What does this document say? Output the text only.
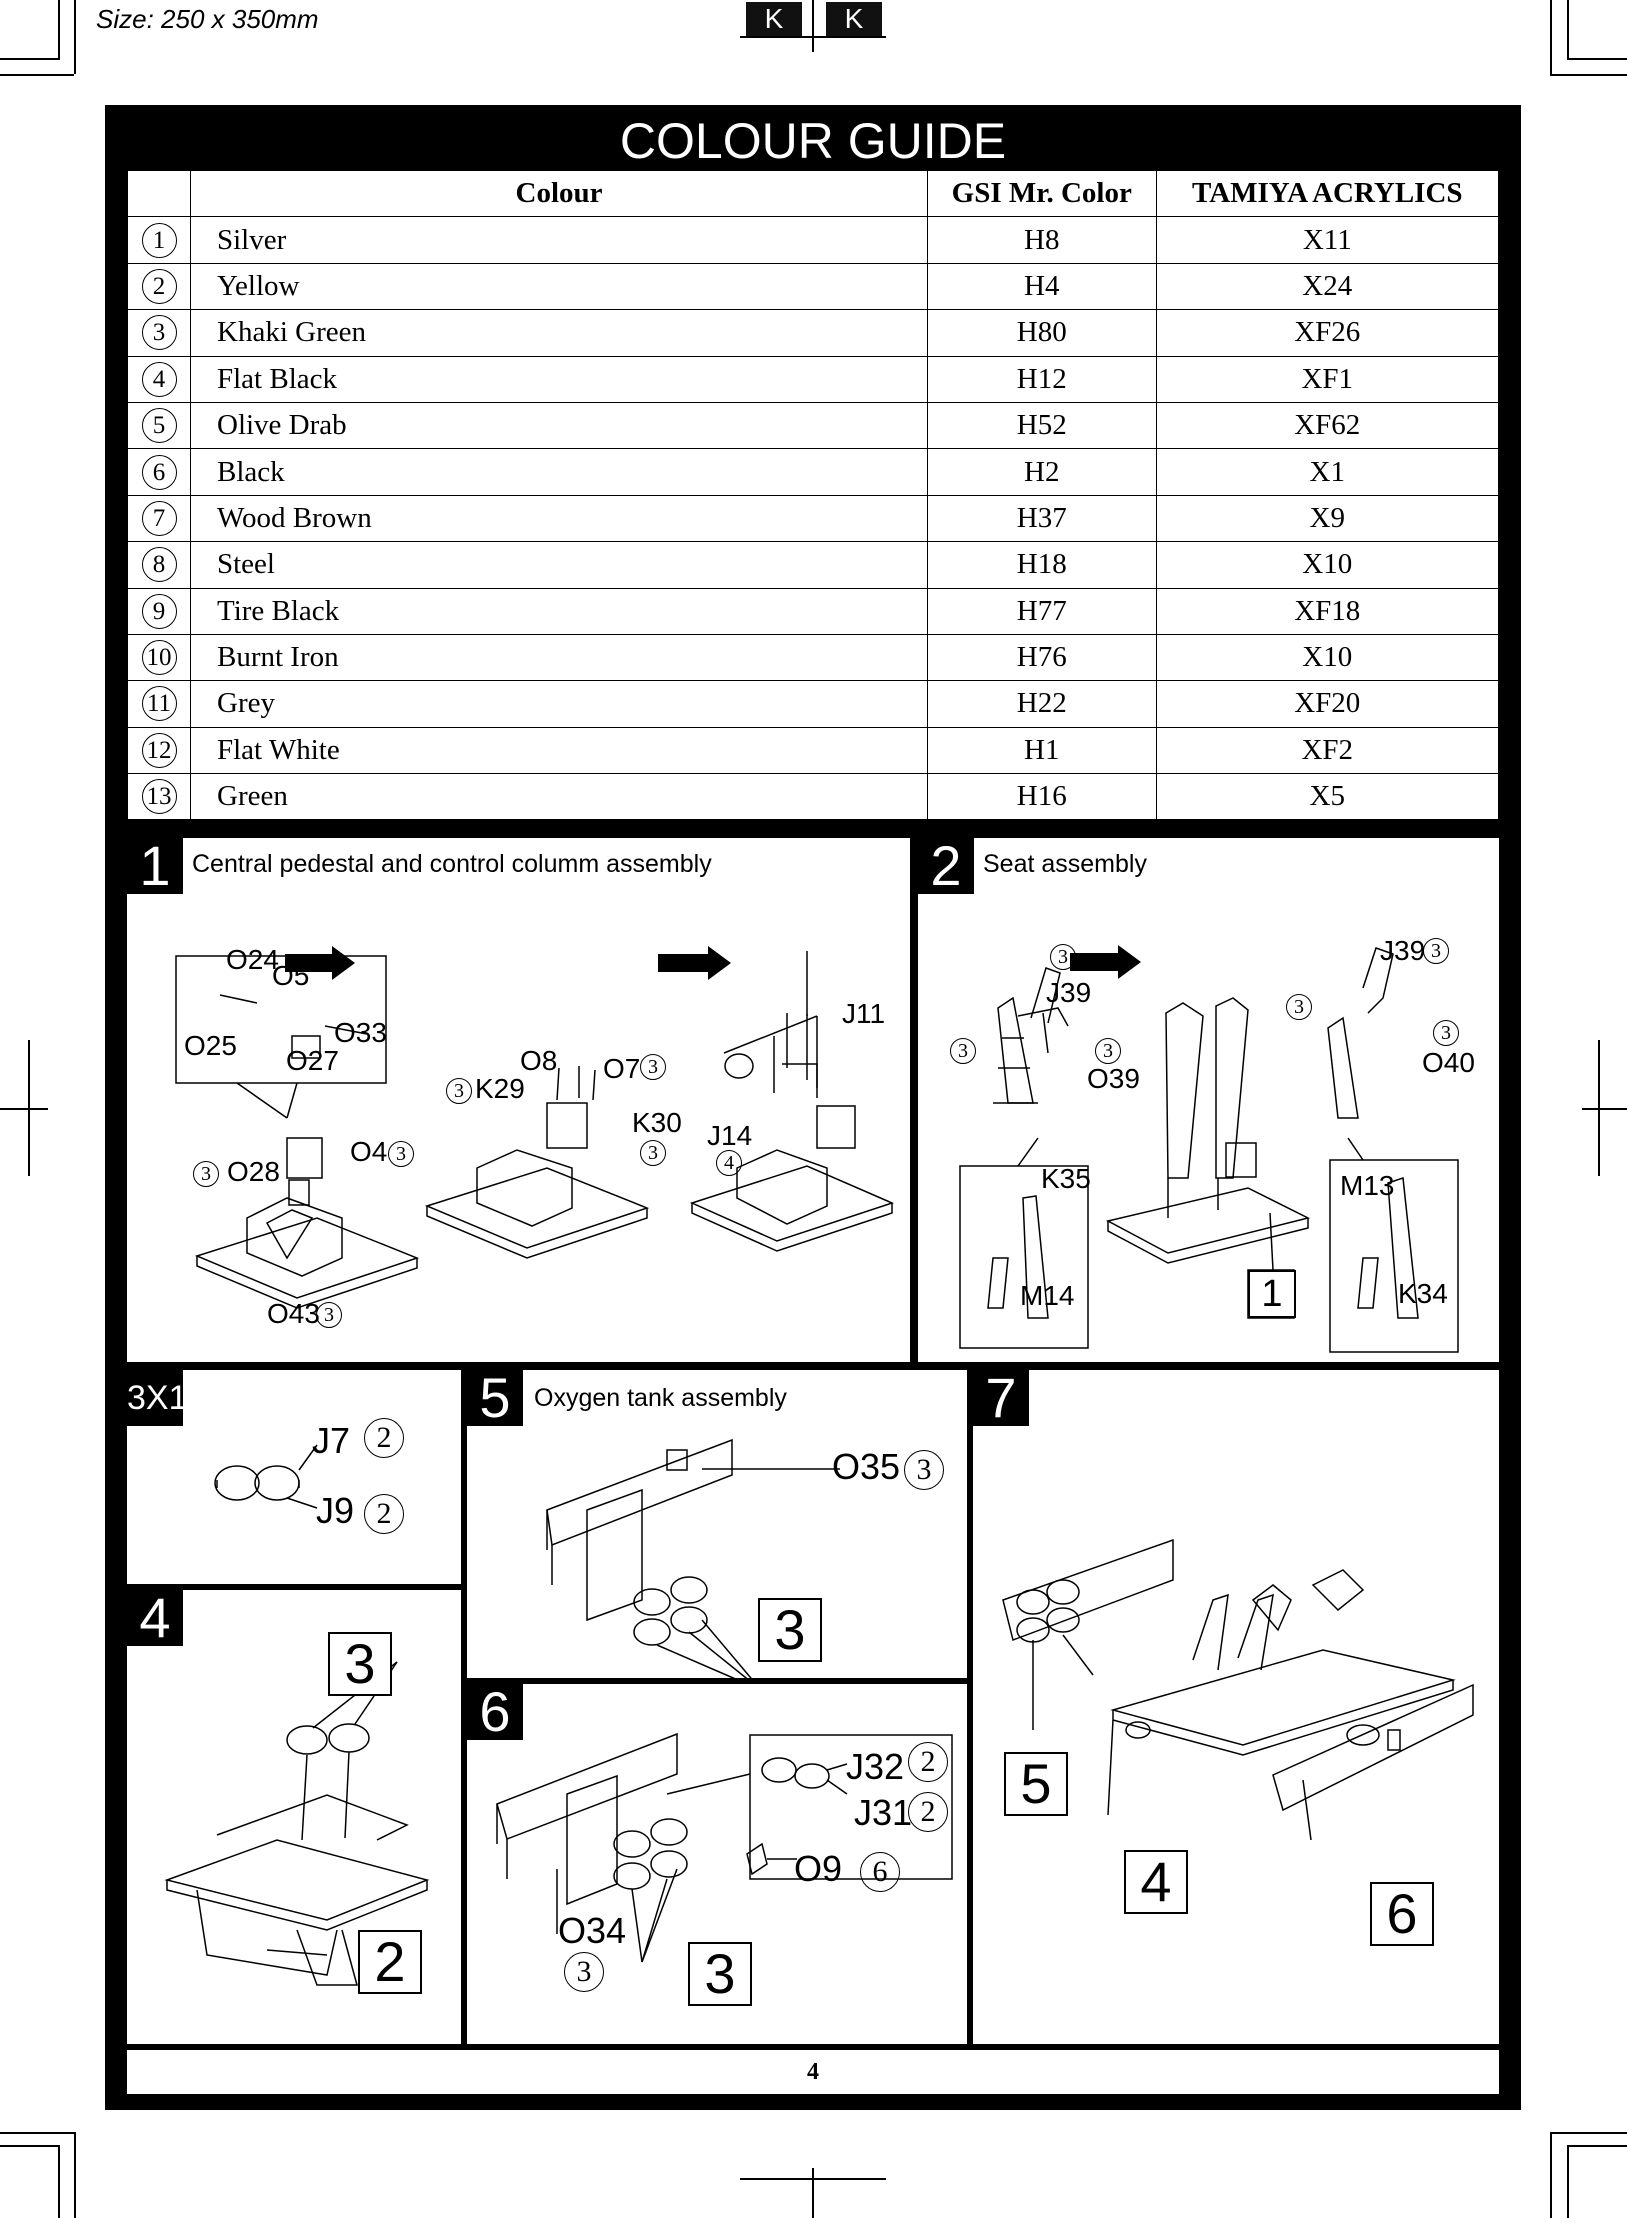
Size: 250 x 350mm	K	K
COLOUR GUIDE
	Colour	GSI Mr. Color	TAMIYA ACRYLICS
1	Silver	H8	X11
2	Yellow	H4	X24
3	Khaki Green	H80	XF26
4	Flat Black	H12	XF1
5	Olive Drab	H52	XF62
6	Black	H2	X1
7	Wood Brown	H37	X9
8	Steel	H18	X10
9	Tire Black	H77	XF18
10	Burnt Iron	H76	X10
11	Grey	H22	XF20
12	Flat White	H1	XF2
13	Green	H16	X5
1 Central pedestal and control columm assembly
O24
O5
O25	O33
O27
3 O28
O4 3
O43 3
O8 O7 3
3 K29
K30
3
J11
J14
4
2 Seat assembly
3
J39
3	3
O39
K35
M14
J39 3
3
3
O40
M13
K34
1
3X12
J7 2
J9 2
4
3
2
5 Oxygen tank assembly
O35 3
3
6
J32 2
J31 2
O9	6
O34
3 3
7
5
4
6
4
